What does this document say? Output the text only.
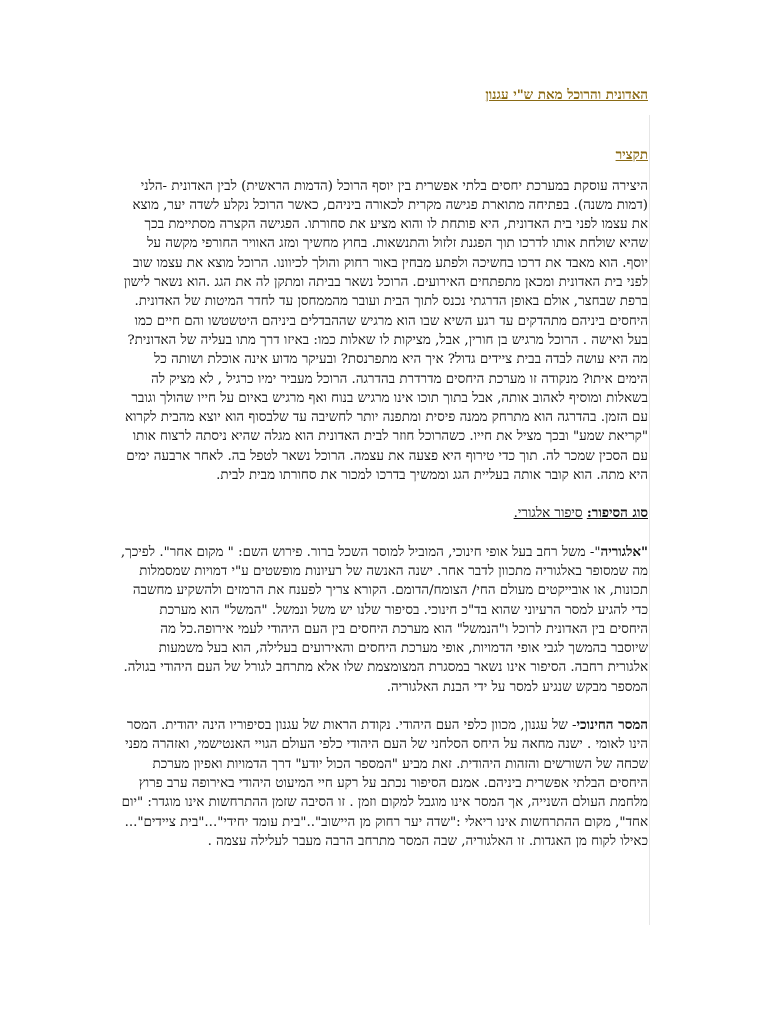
האדונית והרוכל מאת ש"י עגנון

תקציר

היצירה עוסקת במערכת יחסים בלתי אפשרית בין יוסף הרוכל (הדמות הראשית) לבין האדונית -הלני (דמות משנה). בפתיחה מתוארת פגישה מקרית לכאורה ביניהם, כאשר הרוכל נקלע לשדה יער, מוצא את עצמו לפני בית האדונית, היא פותחת לו והוא מציע את סחורתו. הפגישה הקצרה מסתיימת בכך שהיא שולחת אותו לדרכו תוך הפגנת זלזול והתנשאות. בחוץ מחשיך ומזג האוויר החורפי מקשה על יוסף. הוא מאבד את דרכו בחשיכה ולפתע מבחין באור רחוק והולך לכיוונו. הרוכל מוצא את עצמו שוב לפני בית האדונית ומכאן מתפתחים האירועים. הרוכל נשאר בביתה ומתקן לה את הגג .הוא נשאר לישון ברפת שבחצר, אולם באופן הדרגתי נכנס לתוך הבית ועובר מהממחסן עד לחדר המיטות של האדונית. היחסים ביניהם מתהדקים עד רגע השיא שבו הוא מרגיש שההבדלים ביניהם היטשטשו והם חיים כמו בעל ואישה . הרוכל מרגיש בן חורין, אבל, מציקות לו שאלות כמו: באיזו דרך מתו בעליה של האדונית? מה היא עושה לבדה בבית ציידים גדול? איך היא מתפרנסת? ובעיקר מדוע אינה אוכלת ושותה כל הימים איתו? מנקודה זו מערכת היחסים מדרדרת בהדרגה. הרוכל מעביר ימיו כרגיל , לא מציק לה בשאלות ומוסיף לאהוב אותה, אבל בתוך תוכו אינו מרגיש בנוח ואף מרגיש באיום על חייו שהולך וגובר עם הזמן. בהדרגה הוא מתרחק ממנה פיסית ומתפנה יותר לחשיבה עד שלבסוף הוא יוצא מהבית לקרוא "קריאת שמע" ובכך מציל את חייו. כשהרוכל חוזר לבית האדונית הוא מגלה שהיא ניסתה לרצוח אותו עם הסכין שמכר לה. תוך כדי טירוף היא פצעה את עצמה. הרוכל נשאר לטפל בה. לאחר ארבעה ימים היא מתה. הוא קובר אותה בעליית הגג וממשיך בדרכו למכור את סחורתו מבית לבית.

סוג הסיפור: סיפור אלגורי.

"אלגוריה"- משל רחב בעל אופי חינוכי, המוביל למוסר השכל ברור. פירוש השם: " מקום אחר". לפיכך, מה שמסופר באלגוריה מתכוון לדבר אחר. ישנה האנשה של רעיונות מופשטים ע"י דמויות שמסמלות תכונות, או אובייקטים מעולם החי/ הצומח/הדומם. הקורא צריך לפענח את הרמזים ולהשקיע מחשבה כדי להגיע למסר הרעיוני שהוא בד"כ חינוכי. בסיפור שלנו יש משל ונמשל. "המשל" הוא מערכת היחסים בין האדונית לרוכל ו"הנמשל" הוא מערכת היחסים בין העם היהודי לעמי אירופה.כל מה שיוסבר בהמשך לגבי אופי הדמויות, אופי מערכת היחסים והאירועים בעלילה, הוא בעל משמעות אלגורית רחבה. הסיפור אינו נשאר במסגרת המצומצמת שלו אלא מתרחב לגורל של העם היהודי בגולה. המספר מבקש שנגיע למסר על ידי הבנת האלגוריה.

המסר החינוכי- של עגנון, מכוון כלפי העם היהודי. נקודת הראות של עגנון בסיפוריו הינה יהודית. המסר הינו לאומי . ישנה מחאה על היחס הסלחני של העם היהודי כלפי העולם הגויי האנטישמי, ואזהרה מפני שכחה של השורשים והזהות היהודית. זאת מביע "המספר הכול יודע" דרך הדמויות ואפיון מערכת היחסים הבלתי אפשרית ביניהם. אמנם הסיפור נכתב על רקע חיי המיעוט היהודי באירופה ערב פרוץ מלחמת העולם השנייה, אך המסר אינו מוגבל למקום וזמן . זו הסיבה שזמן ההתרחשות אינו מוגדר: "יום אחד", מקום ההתרחשות אינו ריאלי :"שדה יער רחוק מן היישוב".."בית עומד יחידי"..."בית ציידים"... כאילו לקוח מן האגדות. זו האלגוריה, שבה המסר מתרחב הרבה מעבר לעלילה עצמה .
